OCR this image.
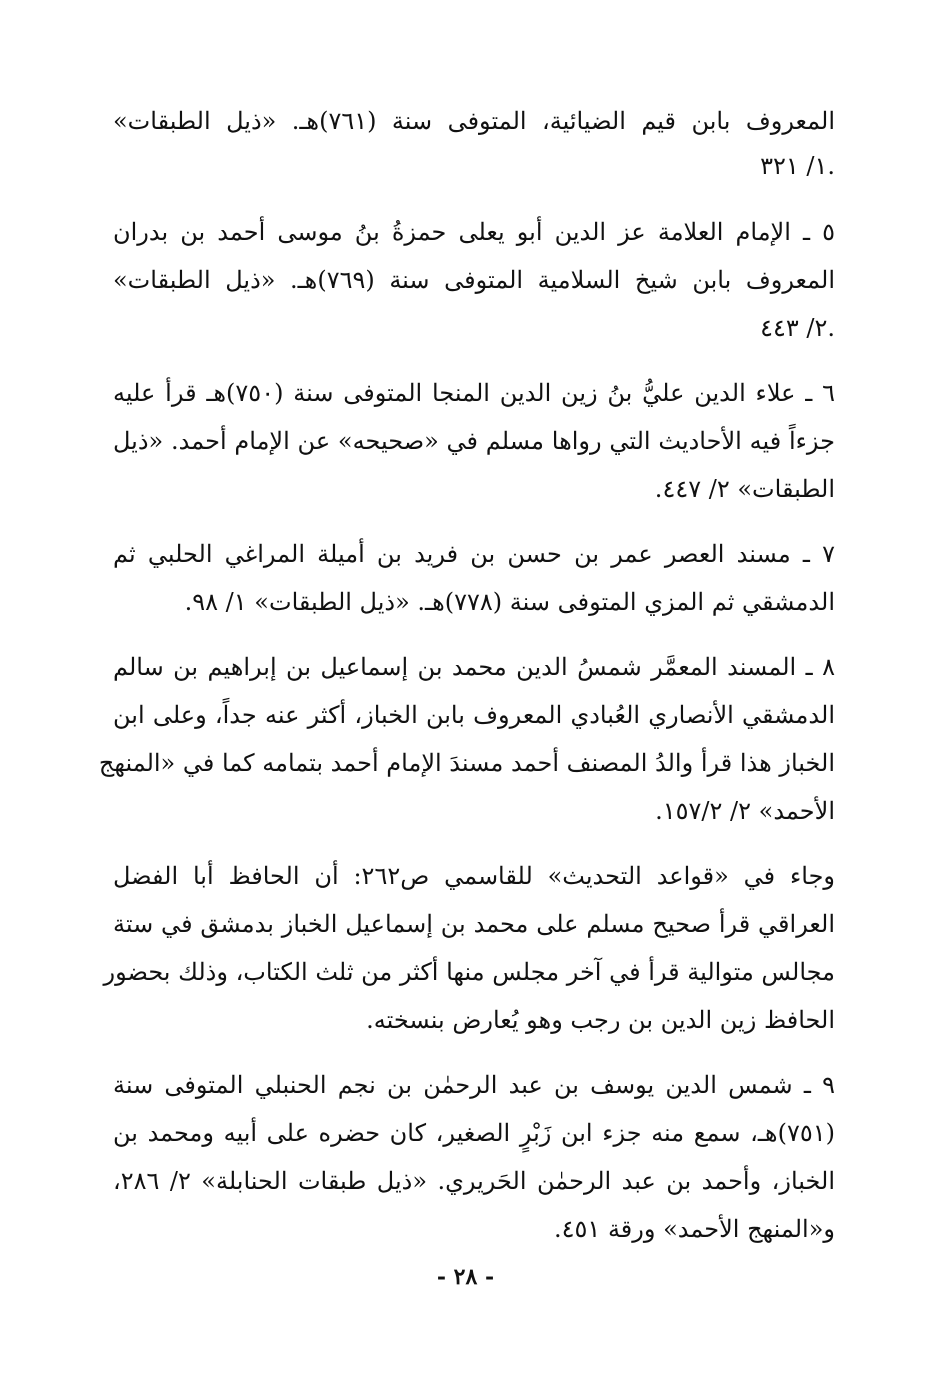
المعروف بابن قيم الضيائية، المتوفى سنة (٧٦١)هـ. «ذيل الطبقات»
١/ ٣٢١.
٥ ـ الإمام العلامة عز الدين أبو يعلى حمزةُ بنُ موسى أحمد بن بدران
المعروف بابن شيخ السلامية المتوفى سنة (٧٦٩)هـ. «ذيل الطبقات»
٢/ ٤٤٣.
٦ ـ علاء الدين عليُّ بنُ زين الدين المنجا المتوفى سنة (٧٥٠)هـ قرأ عليه
جزءاً فيه الأحاديث التي رواها مسلم في «صحيحه» عن الإمام أحمد. «ذيل
الطبقات» ٢/ ٤٤٧.
٧ ـ مسند العصر عمر بن حسن بن فريد بن أميلة المراغي الحلبي ثم
الدمشقي ثم المزي المتوفى سنة (٧٧٨)هـ. «ذيل الطبقات» ١/ ٩٨.
٨ ـ المسند المعمَّر شمسُ الدين محمد بن إسماعيل بن إبراهيم بن سالم
الدمشقي الأنصاري العُبادي المعروف بابن الخباز، أكثر عنه جداً، وعلى ابن
الخباز هذا قرأ والدُ المصنف أحمد مسندَ الإمام أحمد بتمامه كما في «المنهج
الأحمد» ٢/ ١٥٧/٢.
وجاء في «قواعد التحديث» للقاسمي ص٢٦٢: أن الحافظ أبا الفضل
العراقي قرأ صحيح مسلم على محمد بن إسماعيل الخباز بدمشق في ستة
مجالس متوالية قرأ في آخر مجلس منها أكثر من ثلث الكتاب، وذلك بحضور
الحافظ زين الدين بن رجب وهو يُعارض بنسخته.
٩ ـ شمس الدين يوسف بن عبد الرحمٰن بن نجم الحنبلي المتوفى سنة
(٧٥١)هـ، سمع منه جزء ابن زَبْرٍ الصغير، كان حضره على أبيه ومحمد بن
الخباز، وأحمد بن عبد الرحمٰن الحَريري. «ذيل طبقات الحنابلة» ٢/ ٢٨٦،
و«المنهج الأحمد» ورقة ٤٥١.
- ٢٨ -
